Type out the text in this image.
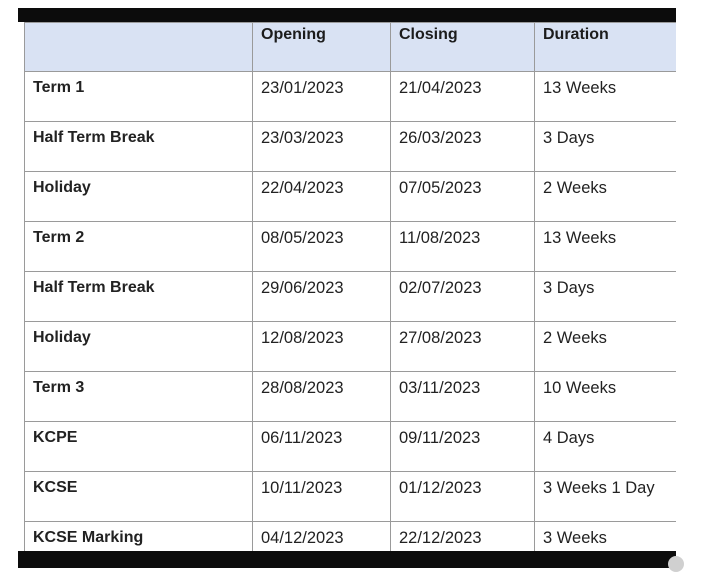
	Opening	Closing	Duration
Term 1	23/01/2023	21/04/2023	13 Weeks
Half Term Break	23/03/2023	26/03/2023	3 Days
Holiday	22/04/2023	07/05/2023	2 Weeks
Term 2	08/05/2023	11/08/2023	13 Weeks
Half Term Break	29/06/2023	02/07/2023	3 Days
Holiday	12/08/2023	27/08/2023	2 Weeks
Term 3	28/08/2023	03/11/2023	10 Weeks
KCPE	06/11/2023	09/11/2023	4 Days
KCSE	10/11/2023	01/12/2023	3 Weeks 1 Day
KCSE Marking	04/12/2023	22/12/2023	3 Weeks
